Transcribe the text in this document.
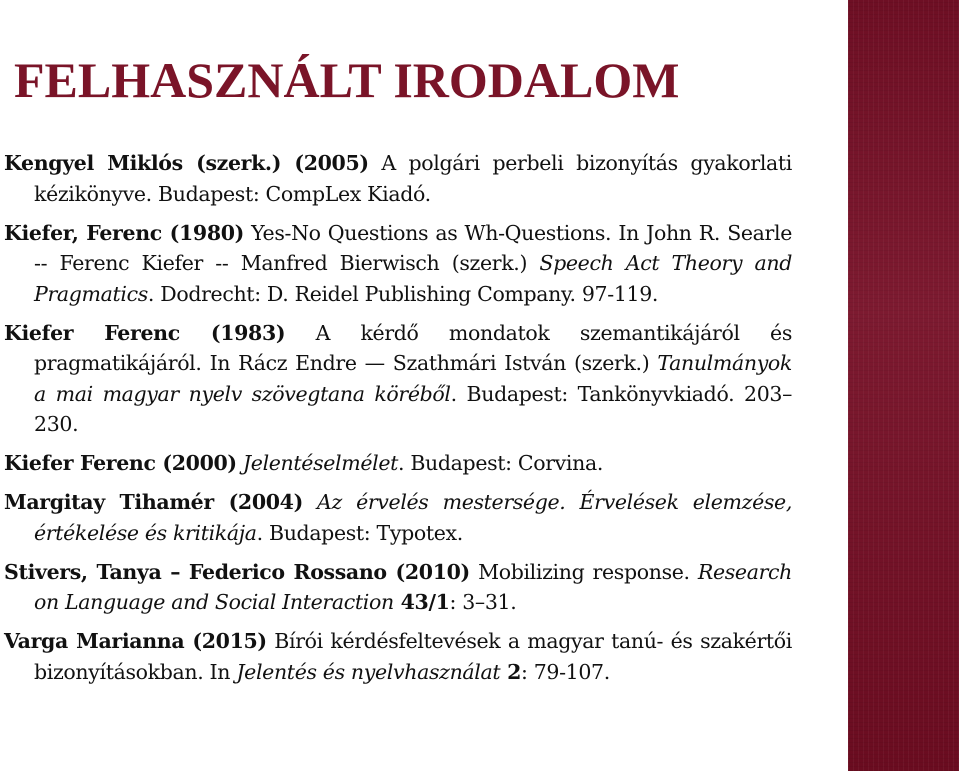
FELHASZNÁLT IRODALOM

Kengyel Miklós (szerk.) (2005) A polgári perbeli bizonyítás gyakorlati kézikönyve. Budapest: CompLex Kiadó.

Kiefer, Ferenc (1980) Yes-No Questions as Wh-Questions. In John R. Searle -- Ferenc Kiefer -- Manfred Bierwisch (szerk.) Speech Act Theory and Pragmatics. Dodrecht: D. Reidel Publishing Company. 97-119.

Kiefer Ferenc (1983) A kérdő mondatok szemantikájáról és pragmatikájáról. In Rácz Endre — Szathmári István (szerk.) Tanulmányok a mai magyar nyelv szövegtana köréből. Budapest: Tankönyvkiadó. 203–230.

Kiefer Ferenc (2000) Jelentéselmélet. Budapest: Corvina.

Margitay Tihamér (2004) Az érvelés mestersége. Érvelések elemzése, értékelése és kritikája. Budapest: Typotex.

Stivers, Tanya – Federico Rossano (2010) Mobilizing response. Research on Language and Social Interaction 43/1: 3–31.

Varga Marianna (2015) Bírói kérdésfeltevések a magyar tanú- és szakértői bizonyításokban. In Jelentés és nyelvhasználat 2: 79-107.
